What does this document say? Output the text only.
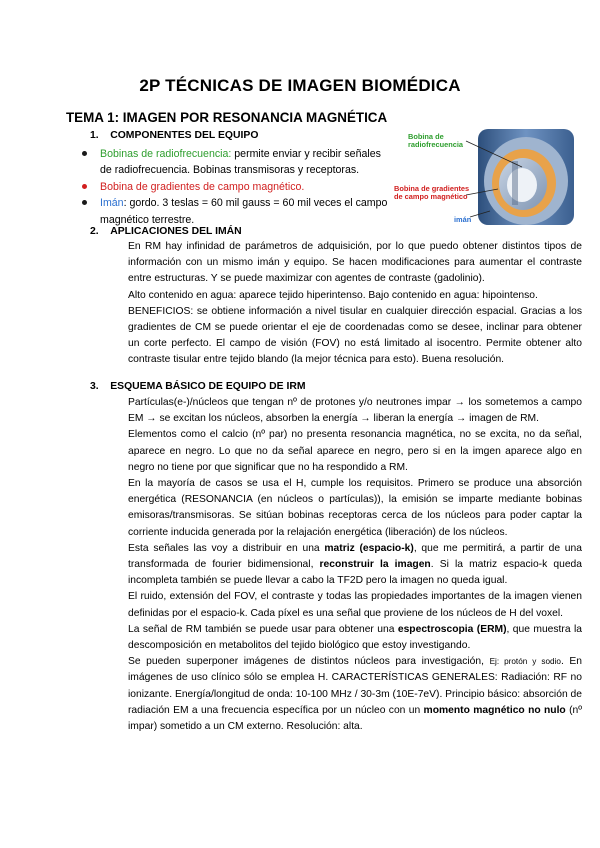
2P TÉCNICAS DE IMAGEN BIOMÉDICA
TEMA 1: IMAGEN POR RESONANCIA MAGNÉTICA
1.    COMPONENTES DEL EQUIPO
Bobinas de radiofrecuencia: permite enviar y recibir señales de radiofrecuencia. Bobinas transmisoras y receptoras.
Bobina de gradientes de campo magnético.
Imán: gordo. 3 teslas = 60 mil gauss = 60 mil veces el campo magnético terrestre.
Bobina de
radiofrecuencia
Bobina de gradientes
de campo magnético
imán
2.    APLICACIONES DEL IMÁN

En RM hay infinidad de parámetros de adquisición, por lo que puedo obtener distintos tipos de información con un mismo imán y equipo. Se hacen modificaciones para aumentar el contraste entre estructuras. Y se puede maximizar con agentes de contraste (gadolinio).

Alto contenido en agua: aparece tejido hiperintenso. Bajo contenido en agua: hipointenso.

BENEFICIOS: se obtiene información a nivel tisular en cualquier dirección espacial. Gracias a los gradientes de CM se puede orientar el eje de coordenadas como se desee, inclinar para obtener un corte perfecto. El campo de visión (FOV) no está limitado al isocentro. Permite obtener alto contraste tisular entre tejido blando (la mejor técnica para esto). Buena resolución.

3.    ESQUEMA BÁSICO DE EQUIPO DE IRM

Partículas(e-)/núcleos que tengan nº de protones y/o neutrones impar → los sometemos a campo EM → se excitan los núcleos, absorben la energía → liberan la energía → imagen de RM.

Elementos como el calcio (nº par) no presenta resonancia magnética, no se excita, no da señal, aparece en negro. Lo que no da señal aparece en negro, pero si en la imgen aparece algo en negro no tiene por que significar que no ha respondido a RM.

En la mayoría de casos se usa el H, cumple los requisitos. Primero se produce una absorción energética (RESONANCIA (en núcleos o partículas)), la emisión se imparte mediante bobinas emisoras/transmisoras. Se sitúan bobinas receptoras cerca de los núcleos para poder captar la corriente inducida generada por la relajación energética (liberación) de los núcleos.

Esta señales las voy a distribuir en una matriz (espacio-k), que me permitirá, a partir de una transformada de fourier bidimensional, reconstruir la imagen. Si la matriz espacio-k queda incompleta también se puede llevar a cabo la TF2D pero la imagen no queda igual.

El ruido, extensión del FOV, el contraste y todas las propiedades importantes de la imagen vienen definidas por el espacio-k. Cada píxel es una señal que proviene de los núcleos de H del voxel.

La señal de RM también se puede usar para obtener una espectroscopia (ERM), que muestra la descomposición en metabolitos del tejido biológico que estoy investigando.

Se pueden superponer imágenes de distintos núcleos para investigación, Ej: protón y sodio. En imágenes de uso clínico sólo se emplea H. CARACTERÍSTICAS GENERALES: Radiación: RF no ionizante. Energía/longitud de onda: 10-100 MHz / 30-3m (10E-7eV). Principio básico: absorción de radiación EM a una frecuencia específica por un núcleo con un momento magnético no nulo (nº impar) sometido a un CM externo. Resolución: alta.
